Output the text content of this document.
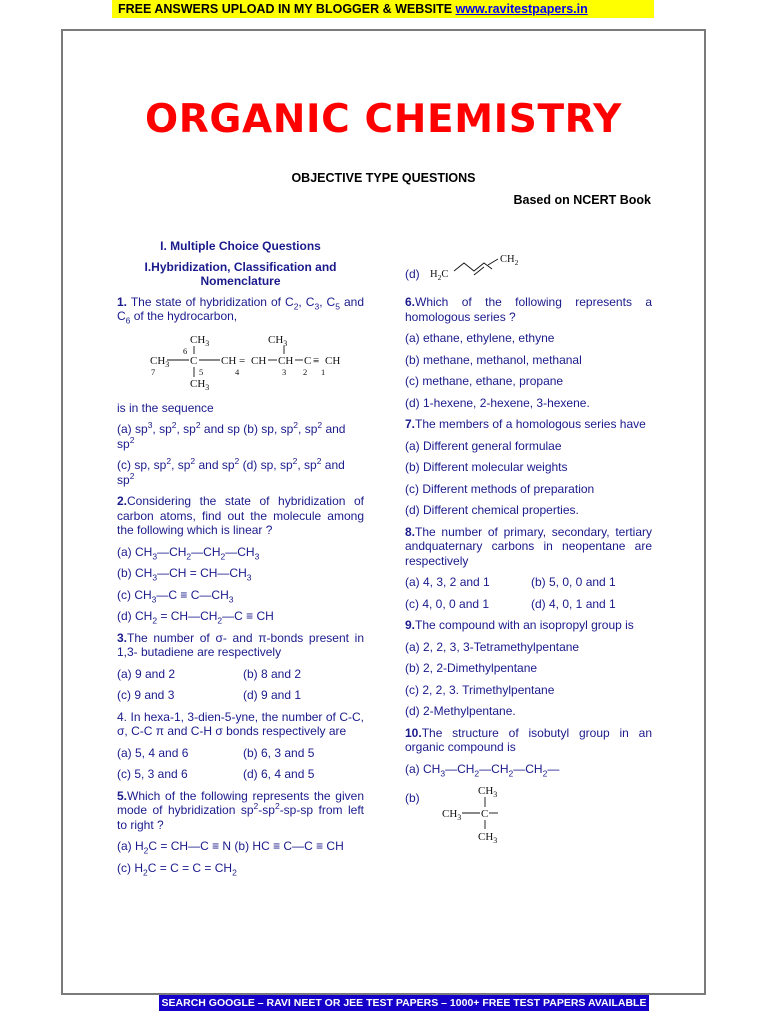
FREE ANSWERS UPLOAD IN MY BLOGGER & WEBSITE www.ravitestpapers.in
ORGANIC CHEMISTRY
OBJECTIVE TYPE QUESTIONS
Based on NCERT Book
I. Multiple Choice Questions
I.Hybridization, Classification and Nomenclature

1. The state of hybridization of $C_2$, $C_3$, $C_5$ and $C_6$ of the hydrocarbon,

$CH_3$	$CH_3$
$CH_3$
$CH_3$
C CH = CH CH C ≡ CH
7
6
5	4	3 2 1

is in the sequence

(a) $sp^3$, $sp^2$, $sp^2$ and sp (b) sp, $sp^2$, $sp^2$ and $sp^2$

(c) sp, $sp^2$, $sp^2$ and $sp^2$ (d) sp, $sp^2$, $sp^2$ and $sp^2$

2.Considering the state of hybridization of carbon atoms, find out the molecule among the following which is linear ?

(a) $CH_3—CH_2—CH_2—CH_3$

(b) $CH_3—CH$ = $CH—CH_3$

(c) $CH_3—C$ ≡ $C—CH_3$

(d) $CH_2$ = $CH—CH_2—C$ ≡ CH

3.The number of σ- and π-bonds present in 1,3- butadiene are respectively

(a) 9 and 2	(b) 8 and 2
(c) 9 and 3	(d) 9 and 1

4. In hexa-1, 3-dien-5-yne, the number of C-C, σ, C-C π and C-H σ bonds respectively are

(a) 5, 4 and 6	(b) 6, 3 and 5
(c) 5, 3 and 6	(d) 6, 4 and 5

5.Which of the following represents the given mode of hybridization $sp^2-sp^2-sp-sp$ from left to right ?

(a) $H_2C$ = CH—C ≡ N (b) HC ≡ C—C ≡ CH

(c) $H_2C = C = C = CH_2$

(d) $H_2C$
$CH_2$

6.Which of the following represents a homologous series ?

(a) ethane, ethylene, ethyne

(b) methane, methanol, methanal

(c) methane, ethane, propane

(d) 1-hexene, 2-hexene, 3-hexene.

7.The members of a homologous series have

(a) Different general formulae

(b) Different molecular weights

(c) Different methods of preparation

(d) Different chemical properties.

8.The number of primary, secondary, tertiary andquaternary carbons in neopentane are respectively

(a) 4, 3, 2 and 1	(b) 5, 0, 0 and 1
(c) 4, 0, 0 and 1	(d) 4, 0, 1 and 1

9.The compound with an isopropyl group is

(a) 2, 2, 3, 3-Tetramethylpentane

(b) 2, 2-Dimethylpentane

(c) 2, 2, 3. Trimethylpentane

(d) 2-Methylpentane.

10.The structure of isobutyl group in an organic compound is

(a) $CH_3—CH_2—CH_2—CH_2—$

(b)	$CH_3$
$CH_3$ C
$CH_3$
SEARCH GOOGLE – RAVI NEET OR JEE TEST PAPERS – 1000+ FREE TEST PAPERS AVAILABLE
